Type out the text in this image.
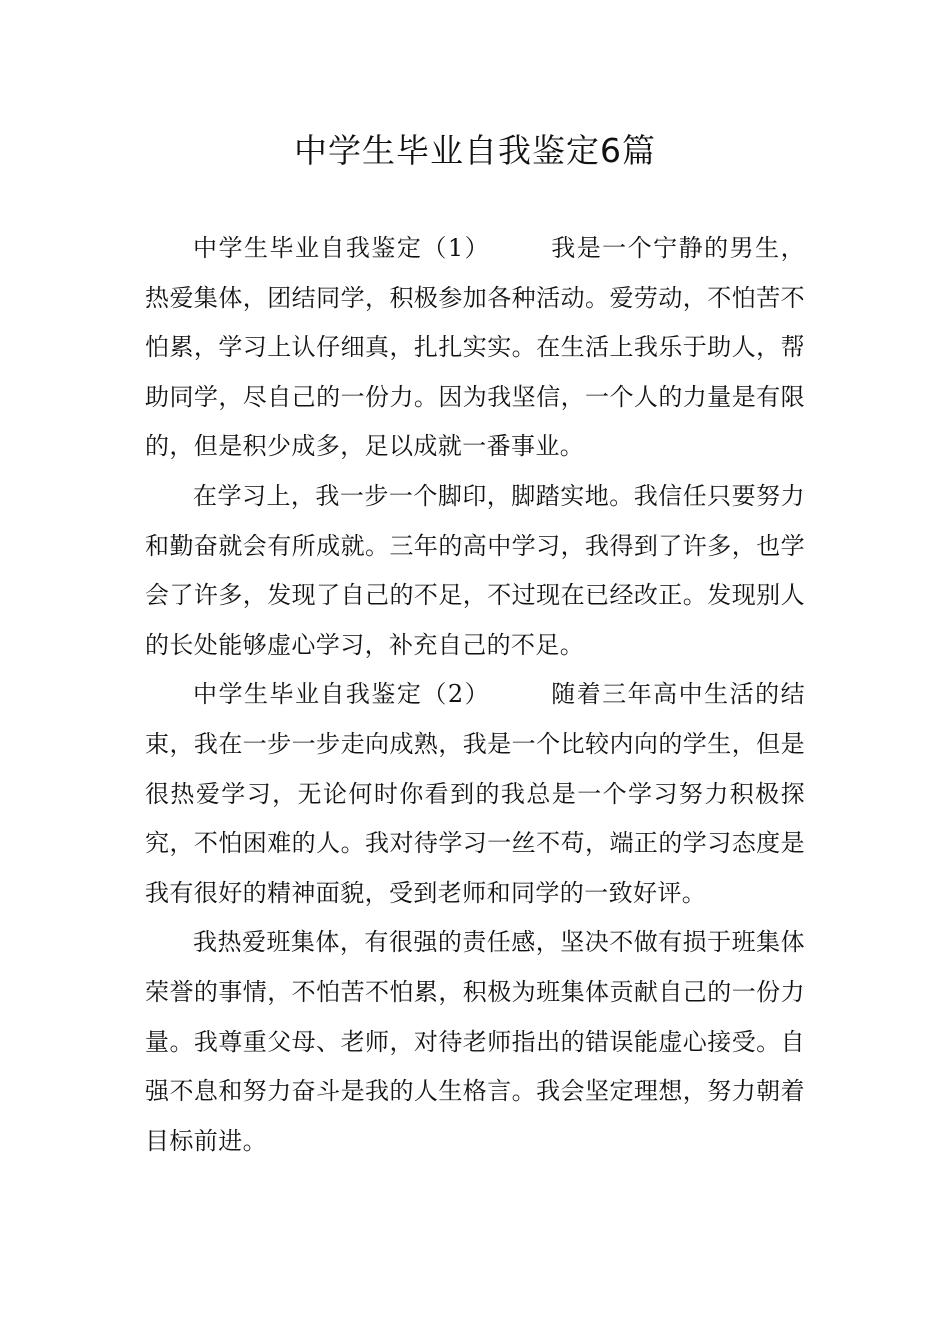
中学生毕业自我鉴定6篇

中学生毕业自我鉴定（1）	我是一个宁静的男生，热爱集体，团结同学，积极参加各种活动。爱劳动，不怕苦不怕累，学习上认仔细真，扎扎实实。在生活上我乐于助人，帮助同学，尽自己的一份力。因为我坚信，一个人的力量是有限的，但是积少成多，足以成就一番事业。

在学习上，我一步一个脚印，脚踏实地。我信任只要努力和勤奋就会有所成就。三年的高中学习，我得到了许多，也学会了许多，发现了自己的不足，不过现在已经改正。发现别人的长处能够虚心学习，补充自己的不足。

中学生毕业自我鉴定（2）	随着三年高中生活的结束，我在一步一步走向成熟，我是一个比较内向的学生，但是很热爱学习，无论何时你看到的我总是一个学习努力积极探究，不怕困难的人。我对待学习一丝不苟，端正的学习态度是我有很好的精神面貌，受到老师和同学的一致好评。

我热爱班集体，有很强的责任感，坚决不做有损于班集体荣誉的事情，不怕苦不怕累，积极为班集体贡献自己的一份力量。我尊重父母、老师，对待老师指出的错误能虚心接受。自强不息和努力奋斗是我的人生格言。我会坚定理想，努力朝着目标前进。
